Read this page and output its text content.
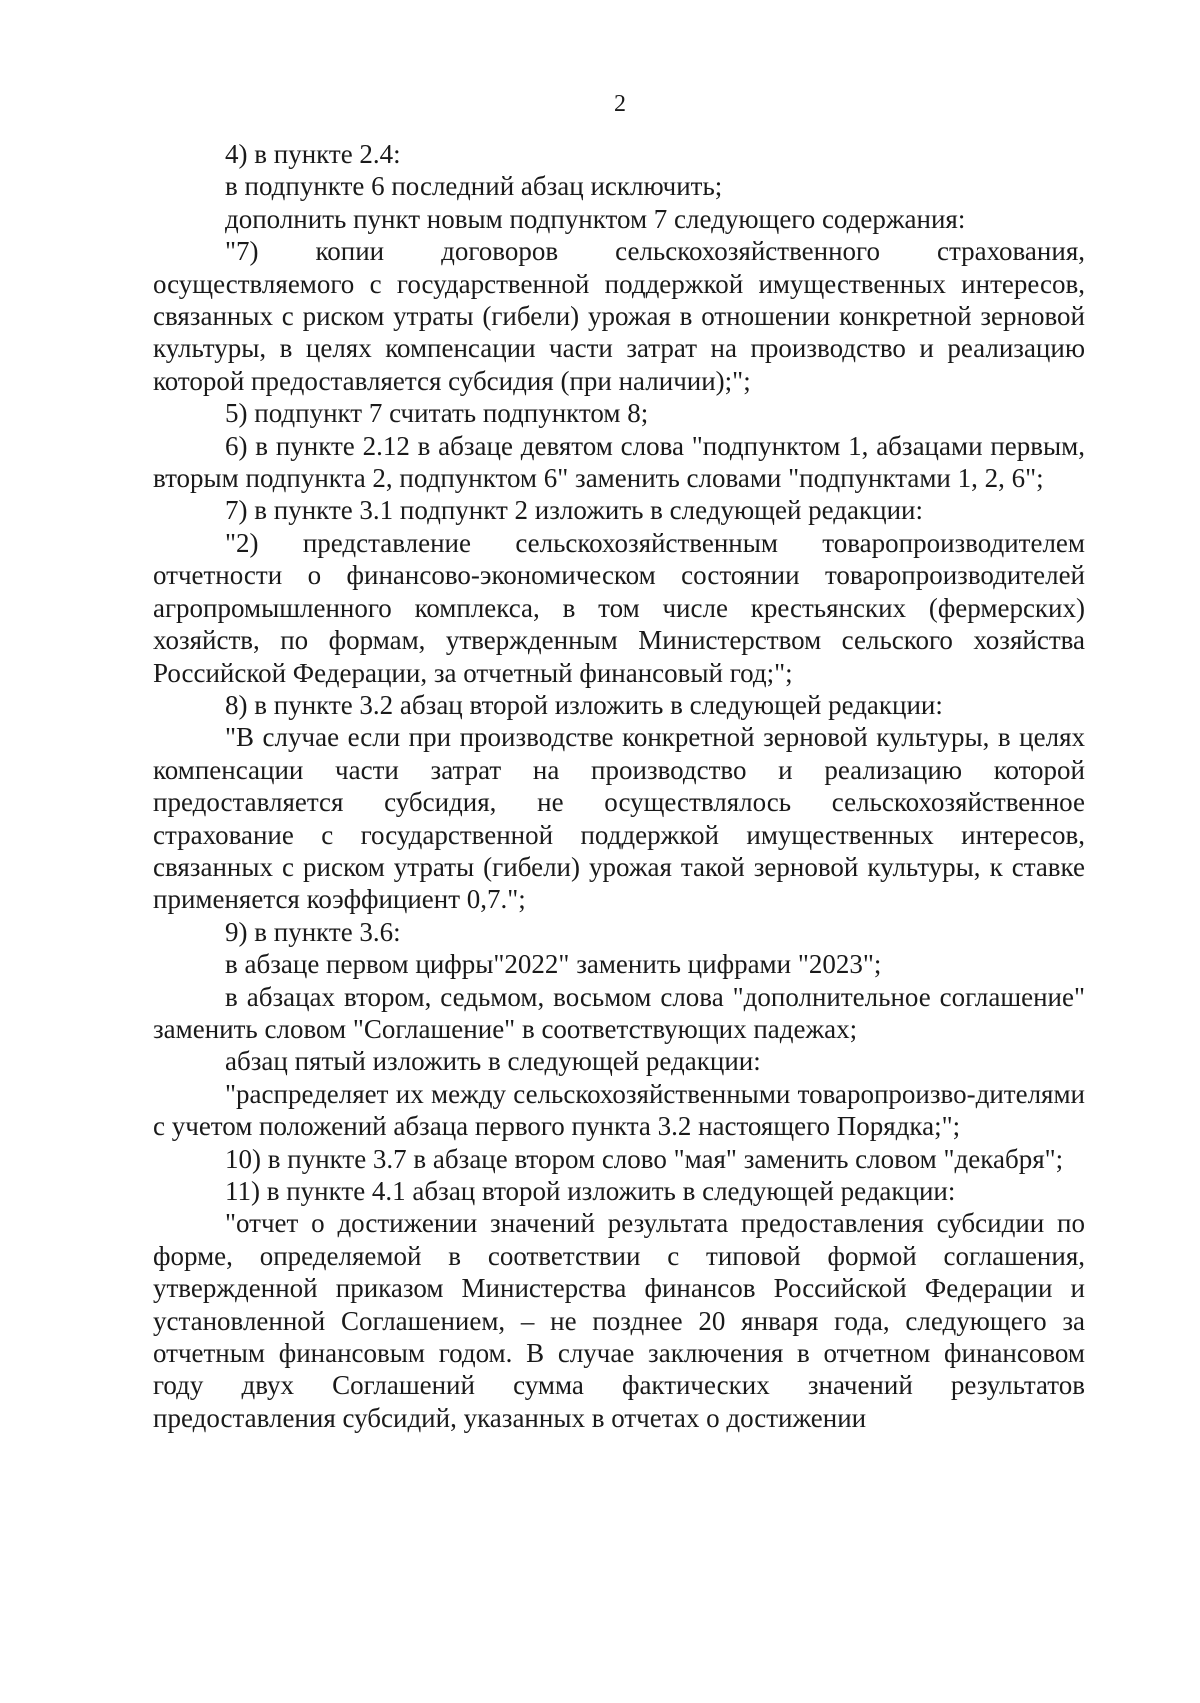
2

4) в пункте 2.4:

в подпункте 6 последний абзац исключить;

дополнить пункт новым подпунктом 7 следующего содержания:

"7) копии договоров сельскохозяйственного страхования, осуществляемого с государственной поддержкой имущественных интересов, связанных с риском утраты (гибели) урожая в отношении конкретной зерновой культуры, в целях компенсации части затрат на производство и реализацию которой предоставляется субсидия (при наличии);";

5) подпункт 7 считать подпунктом 8;

6) в пункте 2.12 в абзаце девятом слова "подпунктом 1, абзацами первым, вторым подпункта 2, подпунктом 6" заменить словами "подпунктами 1, 2, 6";

7) в пункте 3.1 подпункт 2 изложить в следующей редакции:

"2) представление сельскохозяйственным товаропроизводителем отчетности о финансово-экономическом состоянии товаропроизводителей агропромышленного комплекса, в том числе крестьянских (фермерских) хозяйств, по формам, утвержденным Министерством сельского хозяйства Российской Федерации, за отчетный финансовый год;";

8) в пункте 3.2 абзац второй изложить в следующей редакции:

"В случае если при производстве конкретной зерновой культуры, в целях компенсации части затрат на производство и реализацию которой предоставляется субсидия, не осуществлялось сельскохозяйственное страхование с государственной поддержкой имущественных интересов, связанных с риском утраты (гибели) урожая такой зерновой культуры, к ставке применяется коэффициент 0,7.";

9) в пункте 3.6:

в абзаце первом цифры"2022" заменить цифрами "2023";

в абзацах втором, седьмом, восьмом слова "дополнительное соглашение" заменить словом "Соглашение" в соответствующих падежах;

абзац пятый изложить в следующей редакции:

"распределяет их между сельскохозяйственными товаропроизво-дителями с учетом положений абзаца первого пункта 3.2 настоящего Порядка;";

10) в пункте 3.7 в абзаце втором слово "мая" заменить словом "декабря";

11) в пункте 4.1 абзац второй изложить в следующей редакции:

"отчет о достижении значений результата предоставления субсидии по форме, определяемой в соответствии с типовой формой соглашения, утвержденной приказом Министерства финансов Российской Федерации и установленной Соглашением, – не позднее 20 января года, следующего за отчетным финансовым годом. В случае заключения в отчетном финансовом году двух Соглашений сумма фактических значений результатов предоставления субсидий, указанных в отчетах о достижении
